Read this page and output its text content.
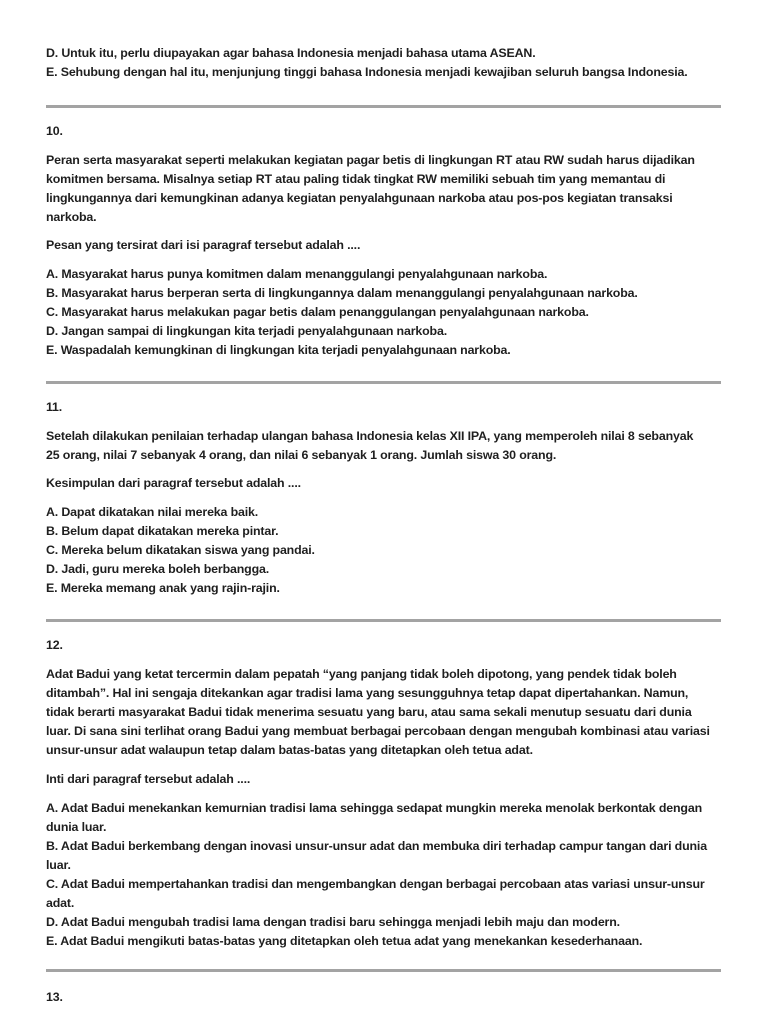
D. Untuk itu, perlu diupayakan agar bahasa Indonesia menjadi bahasa utama ASEAN.
E. Sehubung dengan hal itu, menjunjung tinggi bahasa Indonesia menjadi kewajiban seluruh bangsa Indonesia.
10.
Peran serta masyarakat seperti melakukan kegiatan pagar betis di lingkungan RT atau RW sudah harus dijadikan
komitmen bersama. Misalnya setiap RT atau paling tidak tingkat RW memiliki sebuah tim yang memantau di
lingkungannya dari kemungkinan adanya kegiatan penyalahgunaan narkoba atau pos-pos kegiatan transaksi
narkoba.
Pesan yang tersirat dari isi paragraf tersebut adalah ....
A. Masyarakat harus punya komitmen dalam menanggulangi penyalahgunaan narkoba.
B. Masyarakat harus berperan serta di lingkungannya dalam menanggulangi penyalahgunaan narkoba.
C. Masyarakat harus melakukan pagar betis dalam penanggulangan penyalahgunaan narkoba.
D. Jangan sampai di lingkungan kita terjadi penyalahgunaan narkoba.
E. Waspadalah kemungkinan di lingkungan kita terjadi penyalahgunaan narkoba.
11.
Setelah dilakukan penilaian terhadap ulangan bahasa Indonesia kelas XII IPA, yang memperoleh nilai 8 sebanyak
25 orang, nilai 7 sebanyak 4 orang, dan nilai 6 sebanyak 1 orang. Jumlah siswa 30 orang.
Kesimpulan dari paragraf tersebut adalah ....
A. Dapat dikatakan nilai mereka baik.
B. Belum dapat dikatakan mereka pintar.
C. Mereka belum dikatakan siswa yang pandai.
D. Jadi, guru mereka boleh berbangga.
E. Mereka memang anak yang rajin-rajin.
12.
Adat Badui yang ketat tercermin dalam pepatah “yang panjang tidak boleh dipotong, yang pendek tidak boleh
ditambah”. Hal ini sengaja ditekankan agar tradisi lama yang sesungguhnya tetap dapat dipertahankan. Namun,
tidak berarti masyarakat Badui tidak menerima sesuatu yang baru, atau sama sekali menutup sesuatu dari dunia
luar. Di sana sini terlihat orang Badui yang membuat berbagai percobaan dengan mengubah kombinasi atau variasi
unsur-unsur adat walaupun tetap dalam batas-batas yang ditetapkan oleh tetua adat.
Inti dari paragraf tersebut adalah ....
A. Adat Badui menekankan kemurnian tradisi lama sehingga sedapat mungkin mereka menolak berkontak dengan
dunia luar.
B. Adat Badui berkembang dengan inovasi unsur-unsur adat dan membuka diri terhadap campur tangan dari dunia
luar.
C. Adat Badui mempertahankan tradisi dan mengembangkan dengan berbagai percobaan atas variasi unsur-unsur
adat.
D. Adat Badui mengubah tradisi lama dengan tradisi baru sehingga menjadi lebih maju dan modern.
E. Adat Badui mengikuti batas-batas yang ditetapkan oleh tetua adat yang menekankan kesederhanaan.
13.
